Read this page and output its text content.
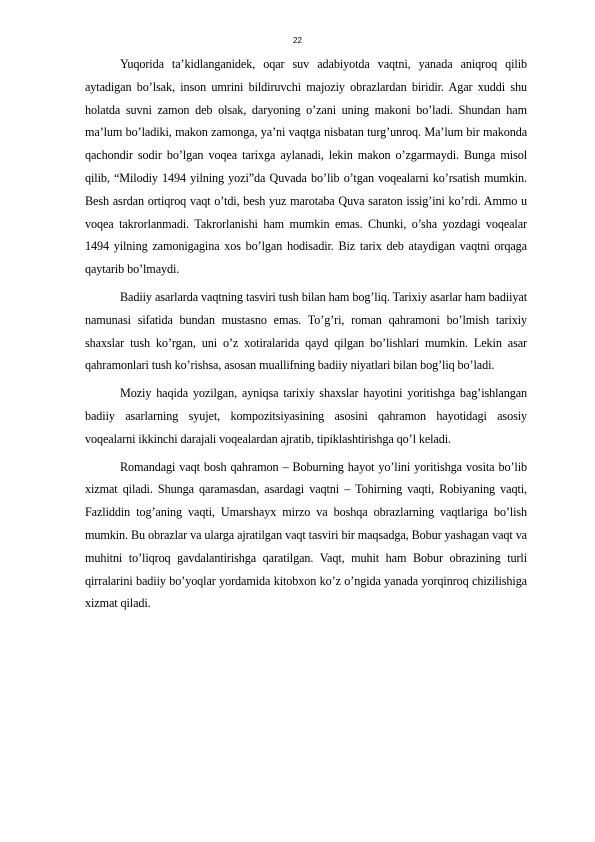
22

Yuqorida ta’kidlanganidek, oqar suv adabiyotda vaqtni, yanada aniqroq qilib aytadigan bo’lsak, inson umrini bildiruvchi majoziy obrazlardan biridir. Agar xuddi shu holatda suvni zamon deb olsak, daryoning o’zani uning makoni bo’ladi. Shundan ham ma’lum bo’ladiki, makon zamonga, ya’ni vaqtga nisbatan turg’unroq. Ma’lum bir makonda qachondir sodir bo’lgan voqea tarixga aylanadi, lekin makon o’zgarmaydi. Bunga misol qilib, “Milodiy 1494 yilning yozi”da Quvada bo’lib o’tgan voqealarni ko’rsatish mumkin. Besh asrdan ortiqroq vaqt o’tdi, besh yuz marotaba Quva saraton issig’ini ko’rdi. Ammo u voqea takrorlanmadi. Takrorlanishi ham mumkin emas. Chunki, o’sha yozdagi voqealar 1494 yilning zamonigagina xos bo’lgan hodisadir. Biz tarix deb ataydigan vaqtni orqaga qaytarib bo’lmaydi.

Badiiy asarlarda vaqtning tasviri tush bilan ham bog’liq. Tarixiy asarlar ham badiiyat namunasi sifatida bundan mustasno emas. To’g’ri, roman qahramoni bo’lmish tarixiy shaxslar tush ko’rgan, uni o’z xotiralarida qayd qilgan bo’lishlari mumkin. Lekin asar qahramonlari tush ko’rishsa, asosan muallifning badiiy niyatlari bilan bog’liq bo’ladi.

Moziy haqida yozilgan, ayniqsa tarixiy shaxslar hayotini yoritishga bag’ishlangan badiiy asarlarning syujet, kompozitsiyasining asosini qahramon hayotidagi asosiy voqealarni ikkinchi darajali voqealardan ajratib, tipiklashtirishga qo’l keladi.

Romandagi vaqt bosh qahramon – Boburning hayot yo’lini yoritishga vosita bo’lib xizmat qiladi. Shunga qaramasdan, asardagi vaqtni – Tohirning vaqti, Robiyaning vaqti, Fazliddin tog’aning vaqti, Umarshayx mirzo va boshqa obrazlarning vaqtlariga bo’lish mumkin. Bu obrazlar va ularga ajratilgan vaqt tasviri bir maqsadga, Bobur yashagan vaqt va muhitni to’liqroq gavdalantirishga qaratilgan. Vaqt, muhit ham Bobur obrazining turli qirralarini badiiy bo’yoqlar yordamida kitobxon ko’z o’ngida yanada yorqinroq chizilishiga xizmat qiladi.
